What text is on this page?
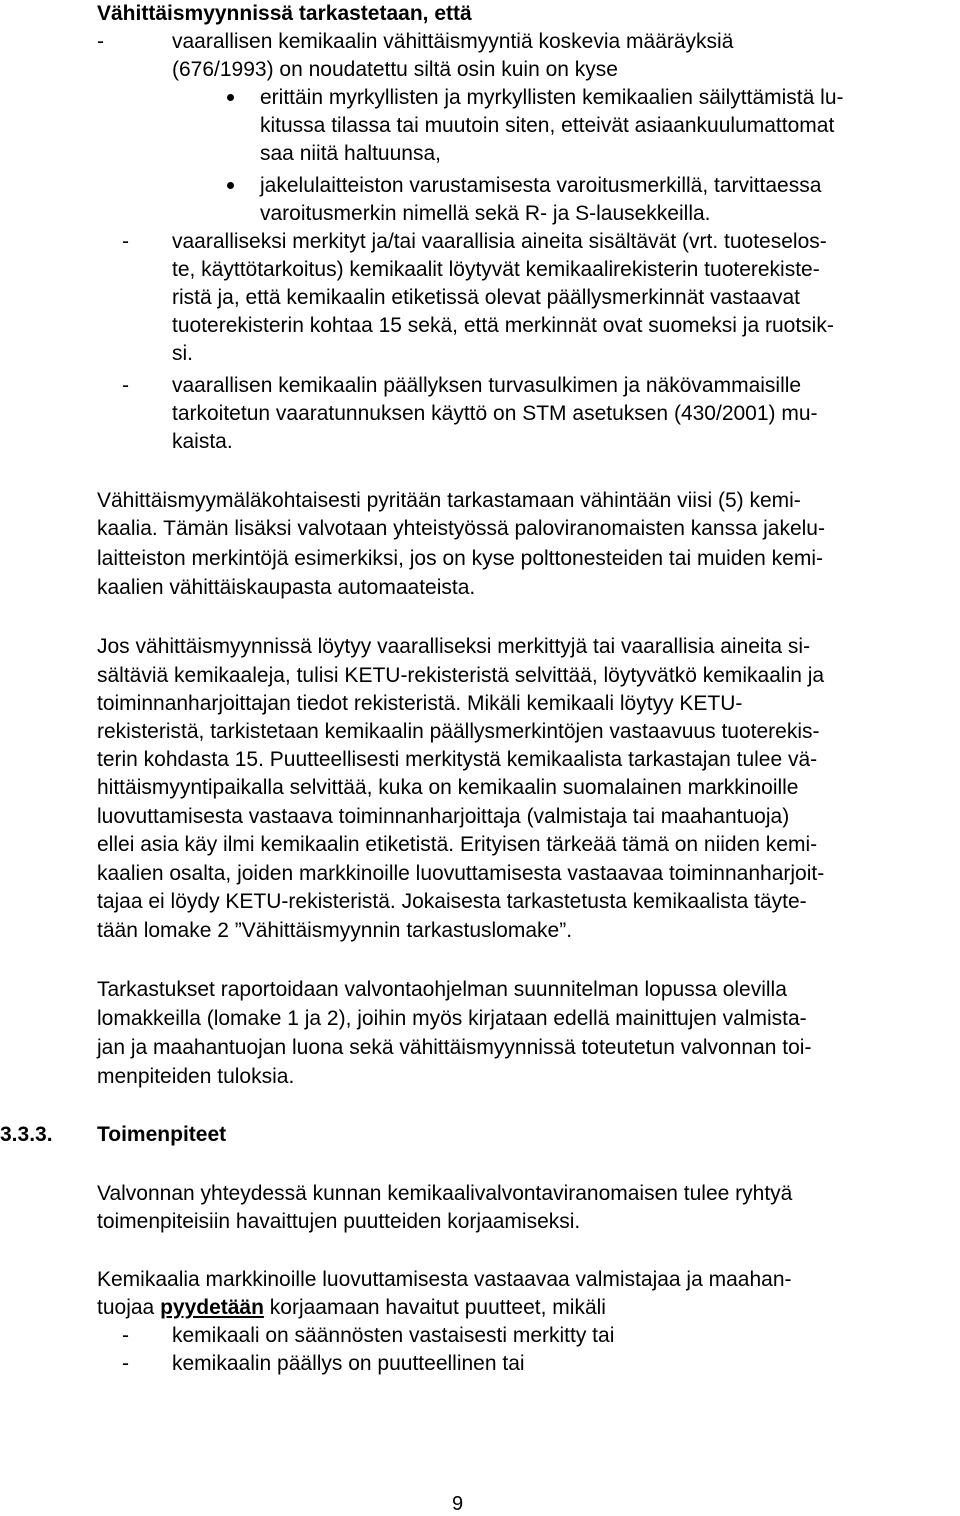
Vähittäismyynnissä tarkastetaan, että
-	vaarallisen kemikaalin vähittäismyyntiä koskevia määräyksiä
(676/1993) on noudatettu siltä osin kuin on kyse
erittäin myrkyllisten ja myrkyllisten kemikaalien säilyttämistä lu-
kitussa tilassa tai muutoin siten, etteivät asiaankuulumattomat
saa niitä haltuunsa,
jakelulaitteiston varustamisesta varoitusmerkillä, tarvittaessa
varoitusmerkin nimellä sekä R- ja S-lausekkeilla.
- vaaralliseksi merkityt ja/tai vaarallisia aineita sisältävät (vrt. tuoteselos-
te, käyttötarkoitus) kemikaalit löytyvät kemikaalirekisterin tuoterekiste-
ristä ja, että kemikaalin etiketissä olevat päällysmerkinnät vastaavat
tuoterekisterin kohtaa 15 sekä, että merkinnät ovat suomeksi ja ruotsik-
si.
- vaarallisen kemikaalin päällyksen turvasulkimen ja näkövammaisille
tarkoitetun vaaratunnuksen käyttö on STM asetuksen (430/2001) mu-
kaista.
Vähittäismyymäläkohtaisesti pyritään tarkastamaan vähintään viisi (5) kemi-
kaalia. Tämän lisäksi valvotaan yhteistyössä paloviranomaisten kanssa jakelu-
laitteiston merkintöjä esimerkiksi, jos on kyse polttonesteiden tai muiden kemi-
kaalien vähittäiskaupasta automaateista.
Jos vähittäismyynnissä löytyy vaaralliseksi merkittyjä tai vaarallisia aineita si-
sältäviä kemikaaleja, tulisi KETU-rekisteristä selvittää, löytyvätkö kemikaalin ja
toiminnanharjoittajan tiedot rekisteristä. Mikäli kemikaali löytyy KETU-
rekisteristä, tarkistetaan kemikaalin päällysmerkintöjen vastaavuus tuoterekis-
terin kohdasta 15. Puutteellisesti merkitystä kemikaalista tarkastajan tulee vä-
hittäismyyntipaikalla selvittää, kuka on kemikaalin suomalainen markkinoille
luovuttamisesta vastaava toiminnanharjoittaja (valmistaja tai maahantuoja)
ellei asia käy ilmi kemikaalin etiketistä. Erityisen tärkeää tämä on niiden kemi-
kaalien osalta, joiden markkinoille luovuttamisesta vastaavaa toiminnanharjoit-
tajaa ei löydy KETU-rekisteristä. Jokaisesta tarkastetusta kemikaalista täyte-
tään lomake 2 ”Vähittäismyynnin tarkastuslomake”.
Tarkastukset raportoidaan valvontaohjelman suunnitelman lopussa olevilla
lomakkeilla (lomake 1 ja 2), joihin myös kirjataan edellä mainittujen valmista-
jan ja maahantuojan luona sekä vähittäismyynnissä toteutetun valvonnan toi-
menpiteiden tuloksia.
3.3.3. Toimenpiteet
Valvonnan yhteydessä kunnan kemikaalivalvontaviranomaisen tulee ryhtyä
toimenpiteisiin havaittujen puutteiden korjaamiseksi.
Kemikaalia markkinoille luovuttamisesta vastaavaa valmistajaa ja maahan-
tuojaa pyydetään korjaamaan havaitut puutteet, mikäli
- kemikaali on säännösten vastaisesti merkitty tai
- kemikaalin päällys on puutteellinen tai
9
